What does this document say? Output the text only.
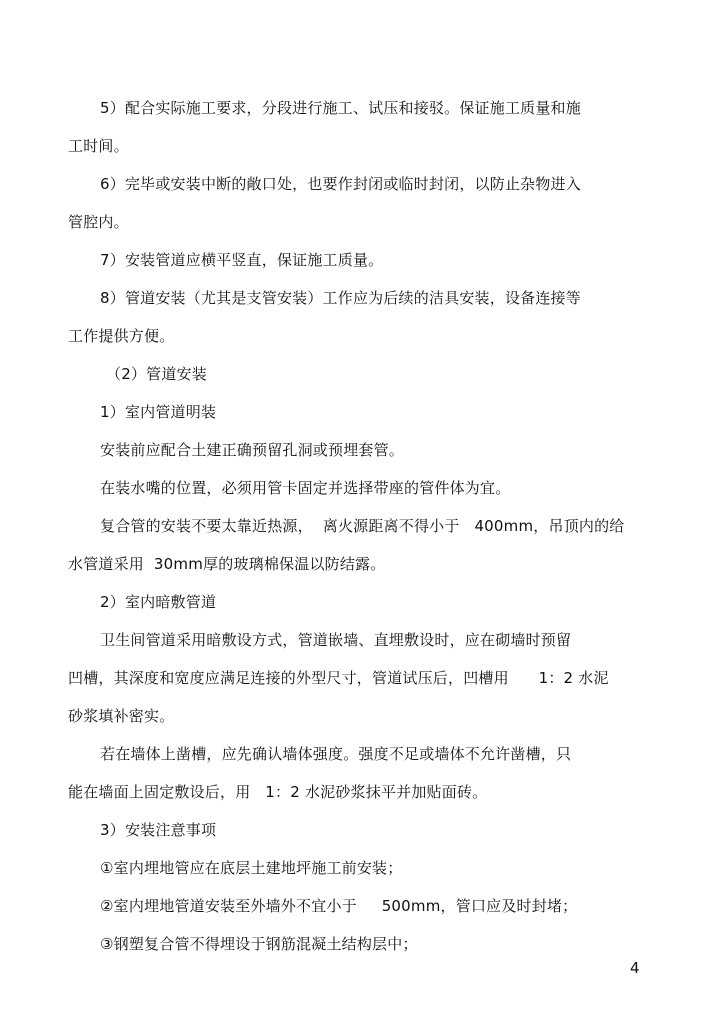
5）配合实际施工要求，分段进行施工、试压和接驳。保证施工质量和施
工时间。
6）完毕或安装中断的敞口处，也要作封闭或临时封闭，以防止杂物进入
管腔内。
7）安装管道应横平竖直，保证施工质量。
8）管道安装（尤其是支管安装）工作应为后续的洁具安装，设备连接等
工作提供方便。
（2）管道安装
1）室内管道明装
安装前应配合土建正确预留孔洞或预埋套管。
在装水嘴的位置，必须用管卡固定并选择带座的管件体为宜。
复合管的安装不要太靠近热源，  离火源距离不得小于   400mm，吊顶内的给
水管道采用  30mm厚的玻璃棉保温以防结露。
2）室内暗敷管道
卫生间管道采用暗敷设方式，管道嵌墙、直埋敷设时，应在砌墙时预留
凹槽，其深度和宽度应满足连接的外型尺寸，管道试压后，凹槽用      1：2 水泥
砂浆填补密实。
若在墙体上凿槽，应先确认墙体强度。强度不足或墙体不允许凿槽，只
能在墙面上固定敷设后，用   1：2 水泥砂浆抹平并加贴面砖。
3）安装注意事项
①室内埋地管应在底层土建地坪施工前安装；
②室内埋地管道安装至外墙外不宜小于     500mm，管口应及时封堵；
③钢塑复合管不得埋设于钢筋混凝土结构层中；
4
